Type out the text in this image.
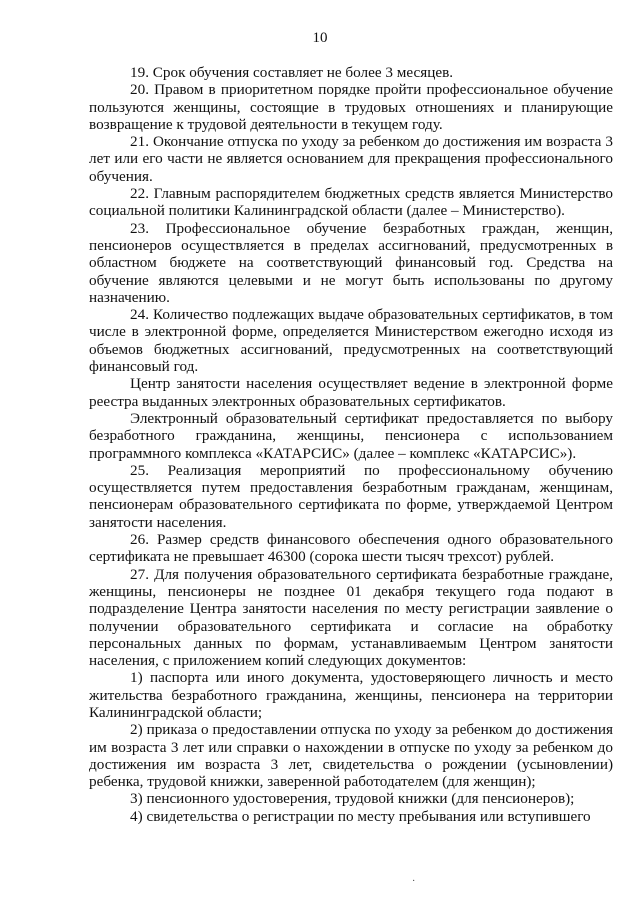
10

19. Срок обучения составляет не более 3 месяцев.

20. Правом в приоритетном порядке пройти профессиональное обучение пользуются женщины, состоящие в трудовых отношениях и планирующие возвращение к трудовой деятельности в текущем году.

21. Окончание отпуска по уходу за ребенком до достижения им возраста 3 лет или его части не является основанием для прекращения профессионального обучения.

22. Главным распорядителем бюджетных средств является Министерство социальной политики Калининградской области (далее – Министерство).

23. Профессиональное обучение безработных граждан, женщин, пенсионеров осуществляется в пределах ассигнований, предусмотренных в областном бюджете на соответствующий финансовый год. Средства на обучение являются целевыми и не могут быть использованы по другому назначению.

24. Количество подлежащих выдаче образовательных сертификатов, в том числе в электронной форме, определяется Министерством ежегодно исходя из объемов бюджетных ассигнований, предусмотренных на соответствующий финансовый год.

Центр занятости населения осуществляет ведение в электронной форме реестра выданных электронных образовательных сертификатов.

Электронный образовательный сертификат предоставляется по выбору безработного гражданина, женщины, пенсионера с использованием программного комплекса «КАТАРСИС» (далее – комплекс «КАТАРСИС»).

25. Реализация мероприятий по профессиональному обучению осуществляется путем предоставления безработным гражданам, женщинам, пенсионерам образовательного сертификата по форме, утверждаемой Центром занятости населения.

26. Размер средств финансового обеспечения одного образовательного сертификата не превышает 46300 (сорока шести тысяч трехсот) рублей.

27. Для получения образовательного сертификата безработные граждане, женщины, пенсионеры не позднее 01 декабря текущего года подают в подразделение Центра занятости населения по месту регистрации заявление о получении образовательного сертификата и согласие на обработку персональных данных по формам, устанавливаемым Центром занятости населения, с приложением копий следующих документов:

1) паспорта или иного документа, удостоверяющего личность и место жительства безработного гражданина, женщины, пенсионера на территории Калининградской области;

2) приказа о предоставлении отпуска по уходу за ребенком до достижения им возраста 3 лет или справки о нахождении в отпуске по уходу за ребенком до достижения им возраста 3 лет, свидетельства о рождении (усыновлении) ребенка, трудовой книжки, заверенной работодателем (для женщин);

3) пенсионного удостоверения, трудовой книжки (для пенсионеров);

4) свидетельства о регистрации по месту пребывания или вступившего

·
